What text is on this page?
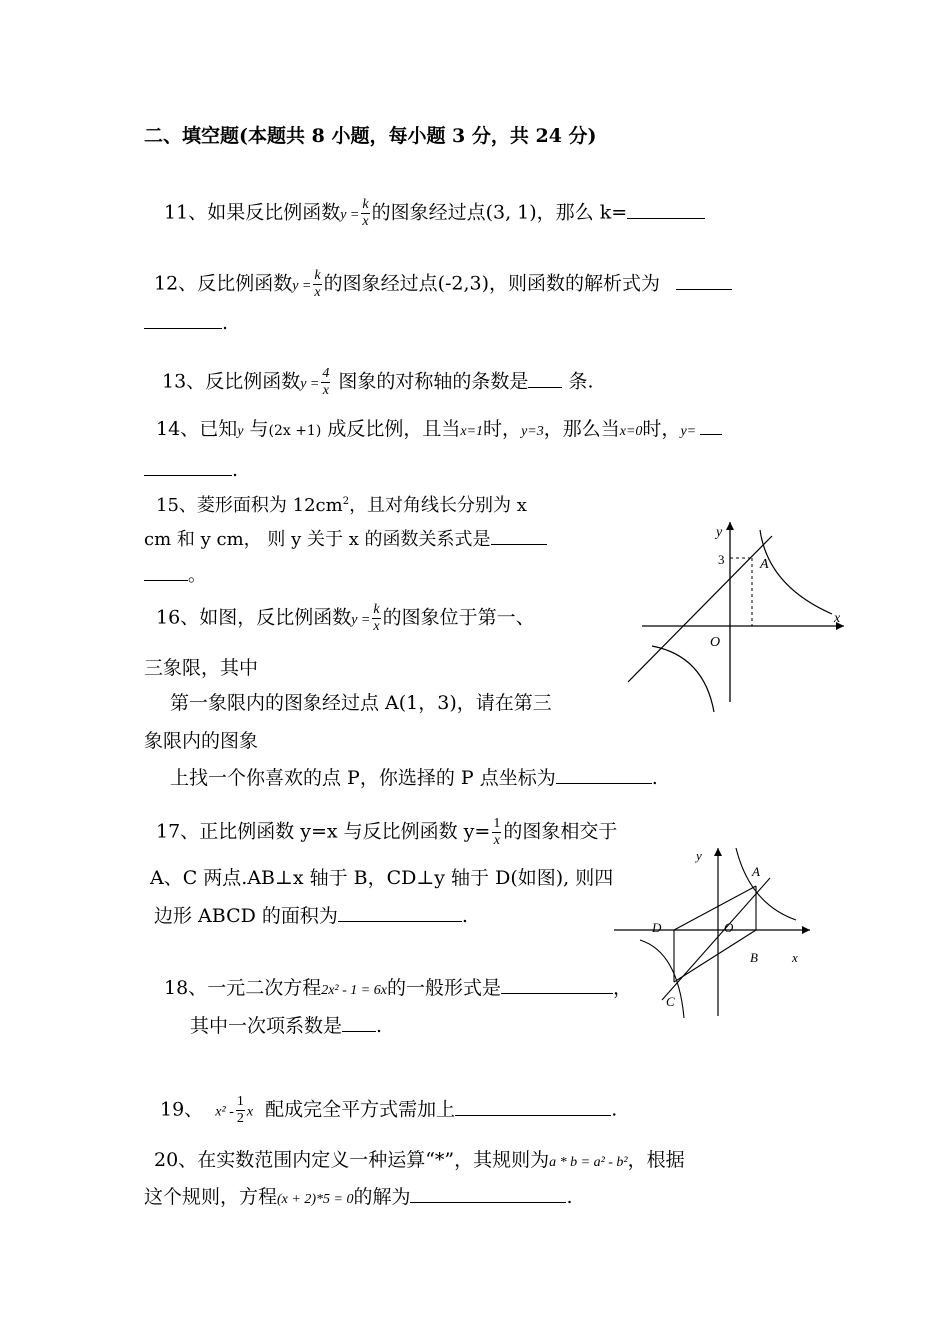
二、填空题(本题共 8 小题，每小题 3 分，共 24 分)
11、如果反比例函数$y = \frac{k}{x}$ 的图象经过点(3, 1)，那么 k=
12、反比例函数$y = \frac{k}{x}$ 的图象经过点(-2,3)，则函数的解析式为
.
13、反比例函数$y = \frac{4}{x}$ 图象的对称轴的条数是 条.
14、已知y 与(2x +1) 成反比例，且当x=1时，y=3，那么当x=0时，y=
.
15、菱形面积为 $12cm^2$，且对角线长分别为 x
cm 和 y cm， 则 y 关于 x 的函数关系式是
。
16、如图，反比例函数$y = \frac{k}{x}$ 的图象位于第一、
三象限，其中
第一象限内的图象经过点 A(1，3)，请在第三
象限内的图象
上找一个你喜欢的点 P，你选择的 P 点坐标为	.
y
x
O
A
3
17、正比例函数 y=x 与反比例函数 $y= \frac{1}{x}$ 的图象相交于
A、C 两点.AB⊥x 轴于 B，CD⊥y 轴于 D(如图), 则四
边形 ABCD 的面积为	.
y
x
A
B
C
D	O
18、一元二次方程2x² - 1 = 6x的一般形式是	，
其中一次项系数是 .
19、 $x^2 - \frac{1}{2}$ x 配成完全平方式需加上	.
20、在实数范围内定义一种运算“*”，其规则为a * b = a² - b²，根据
这个规则，方程(x + 2)*5 = 0的解为	.
